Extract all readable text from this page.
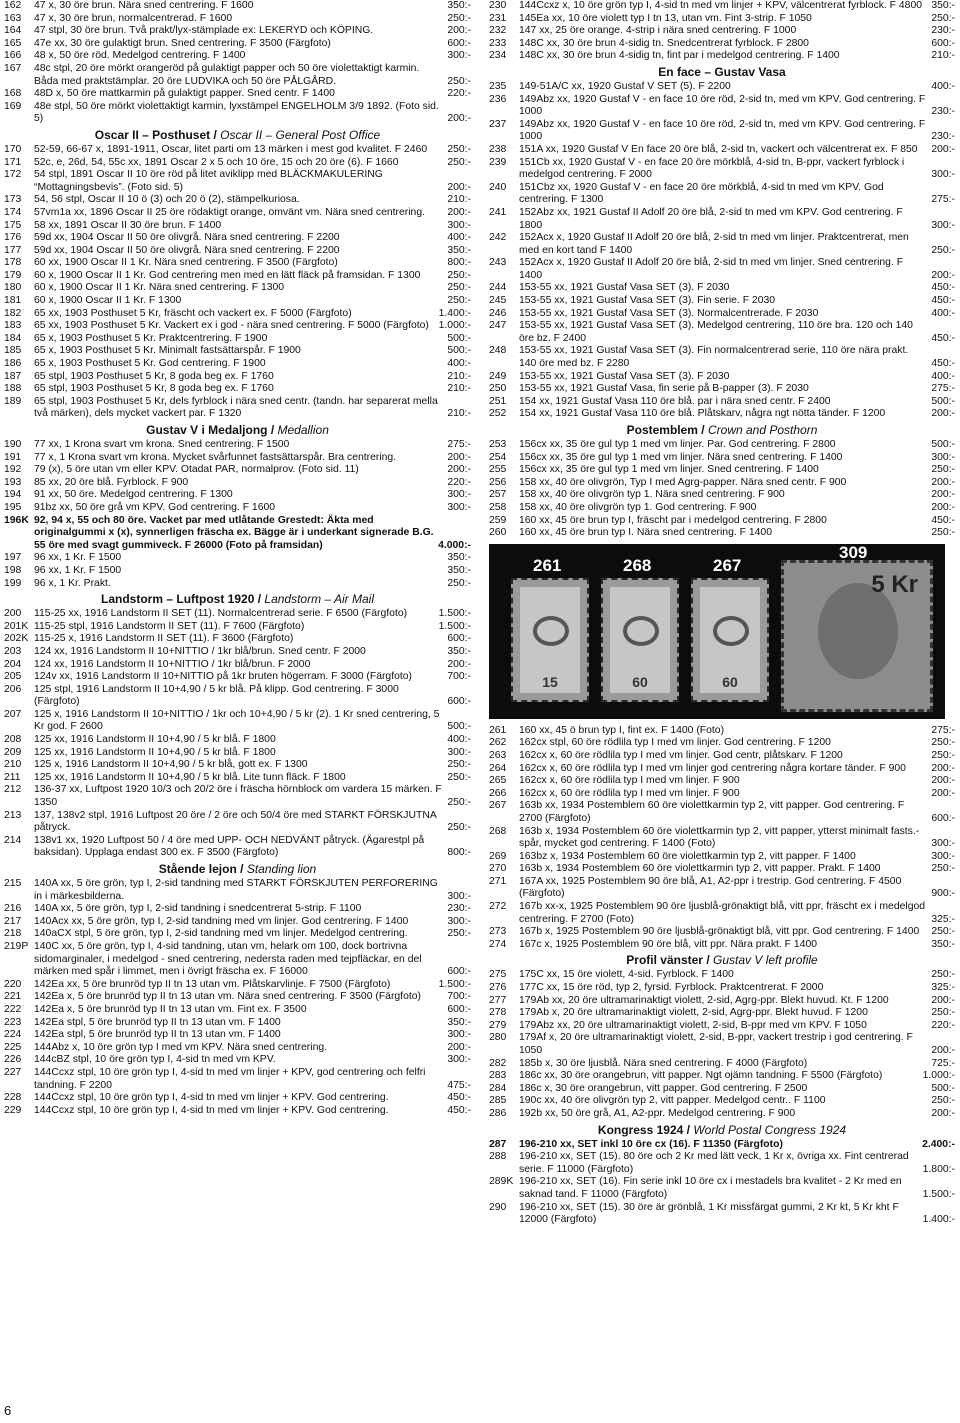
162	47 x, 30 öre brun. Nära sned centrering. F 1600	350:-
163	47 x, 30 öre brun, normalcentrerad. F 1600	250:-
164	47 stpl, 30 öre brun. Två prakt/lyx-stämplade ex: LEKERYD och KÖPING.	200:-
165	47e xx, 30 öre gulaktigt brun. Sned centrering. F 3500 (Färgfoto)	600:-
166	48 x, 50 öre röd. Medelgod centrering. F 1400	300:-
167	48c stpl, 20 öre mörkt orangeröd på gulaktigt papper och 50 öre violettaktigt karmin. Båda med praktstämplar. 20 öre LUDVIKA och 50 öre PÅLGÅRD.	250:-
168	48D x, 50 öre mattkarmin på gulaktigt papper. Sned centr. F 1400	220:-
169	48e stpl, 50 öre mörkt violettaktigt karmin, lyxstämpel ENGELHOLM 3/9 1892. (Foto sid. 5)	200:-
Oscar II – Posthuset / Oscar II – General Post Office
170	52-59, 66-67 x, 1891-1911, Oscar, litet parti om 13 märken i mest god kvalitet. F 2460	250:-
171	52c, e, 26d, 54, 55c xx, 1891 Oscar 2 x 5 och 10 öre, 15 och 20 öre (6). F 1660	250:-
172	54 stpl, 1891 Oscar II 10 öre röd på litet aviklipp med BLÄCKMAKULERING “Mottagningsbevis”. (Foto sid. 5)	200:-
173	54, 56 stpl, Oscar II 10 ö (3) och 20 ö (2), stämpelkuriosa.	210:-
174	57vm1a xx, 1896 Oscar II 25 öre rödaktigt orange, omvänt vm. Nära sned centrering.	200:-
175	58 xx, 1891 Oscar II 30 öre brun. F 1400	300:-
176	59d xx, 1904 Oscar II 50 öre olivgrå. Nära sned centrering. F 2200	400:-
177	59d xx, 1904 Oscar II 50 öre olivgrå. Nära sned centrering. F 2200	350:-
178	60 xx, 1900 Oscar II 1 Kr. Nära sned centrering. F 3500 (Färgfoto)	800:-
179	60 x, 1900 Oscar II 1 Kr. God centrering men med en lätt fläck på framsidan. F 1300	250:-
180	60 x, 1900 Oscar II 1 Kr. Nära sned centrering. F 1300	250:-
181	60 x, 1900 Oscar II 1 Kr. F 1300	250:-
182	65 xx, 1903 Posthuset 5 Kr, fräscht och vackert ex. F 5000 (Färgfoto)	1.400:-
183	65 xx, 1903 Posthuset 5 Kr. Vackert ex i god - nära sned centrering. F 5000 (Färgfoto) 1.000:-
184	65 x, 1903 Posthuset 5 Kr. Praktcentrering. F 1900	500:-
185	65 x, 1903 Posthuset 5 Kr. Minimalt fastsättarspår. F 1900	500:-
186	65 x, 1903 Posthuset 5 Kr. God centrering. F 1900	400:-
187	65 stpl, 1903 Posthuset 5 Kr, 8 goda beg ex. F 1760	210:-
188	65 stpl, 1903 Posthuset 5 Kr, 8 goda beg ex. F 1760	210:-
189	65 stpl, 1903 Posthuset 5 Kr, dels fyrblock i nära sned centr. (tandn. har separerat mella två märken), dels mycket vackert par. F 1320	210:-
Gustav V i Medaljong / Medallion
190	77 xx, 1 Krona svart vm krona. Sned centrering. F 1500	275:-
191	77 x, 1 Krona svart vm krona. Mycket svårfunnet fastsättarspår. Bra centrering.	200:-
192	79 (x), 5 öre utan vm eller KPV. Otadat PAR, normalprov. (Foto sid. 11)	200:-
193	85 xx, 20 öre blå. Fyrblock. F 900	220:-
194	91 xx, 50 öre. Medelgod centrering. F 1300	300:-
195	91bz xx, 50 öre grå vm KPV. God centrering. F 1600	300:-
196K 92, 94 x, 55 och 80 öre. Vacket par med utlåtande Grestedt: Äkta med originalgummi x (x), synnerligen fräscha ex. Bägge är i underkant signerade B.G. 55 öre med svagt gummiveck. F 26000 (Foto på framsidan)	4.000:-
197	96 xx, 1 Kr. F 1500	350:-
198	96 xx, 1 Kr. F 1500	350:-
199	96 x, 1 Kr. Prakt.	250:-
Landstorm – Luftpost 1920 / Landstorm – Air Mail
200	115-25 xx, 1916 Landstorm II SET (11). Normalcentrerad serie. F 6500 (Färgfoto)	1.500:-
201K 115-25 stpl, 1916 Landstorm II SET (11). F 7600 (Färgfoto)	1.500:-
202K 115-25 x, 1916 Landstorm II SET (11). F 3600 (Färgfoto)	600:-
203	124 xx, 1916 Landstorm II 10+NITTIO / 1kr blå/brun. Sned centr. F 2000	350:-
204	124 xx, 1916 Landstorm II 10+NITTIO / 1kr blå/brun. F 2000	200:-
205	124v xx, 1916 Landstorm II 10+NITTIO på 1kr bruten högerram. F 3000 (Färgfoto)	700:-
206	125 stpl, 1916 Landstorm II 10+4,90 / 5 kr blå. På klipp. God centrering. F 3000 (Färgfoto)	600:-
207	125 x, 1916 Landstorm II 10+NITTIO / 1kr och 10+4,90 / 5 kr (2). 1 Kr sned centrering, 5 Kr god. F 2600	500:-
208	125 xx, 1916 Landstorm II 10+4,90 / 5 kr blå. F 1800	400:-
209	125 xx, 1916 Landstorm II 10+4,90 / 5 kr blå. F 1800	300:-
210	125 x, 1916 Landstorm II 10+4,90 / 5 kr blå, gott ex. F 1300	250:-
211	125 xx, 1916 Landstorm II 10+4,90 / 5 kr blå. Lite tunn fläck. F 1800	250:-
212	136-37 xx, Luftpost 1920 10/3 och 20/2 öre i fräscha hörnblock om vardera 15 märken. F 1350	250:-
213	137, 138v2 stpl, 1916 Luftpost 20 öre / 2 öre och 50/4 öre med STARKT FÖRSKJUTNA påtryck.	250:-
214	138v1 xx, 1920 Luftpost 50 / 4 öre med UPP- OCH NEDVÄNT påtryck. (Ägarestpl på baksidan). Upplaga endast 300 ex. F 3500 (Färgfoto)	800:-
Stående lejon / Standing lion
215	140A xx, 5 öre grön, typ I, 2-sid tandning med STARKT FÖRSKJUTEN PERFORERING in i märkesbilderna.	300:-
216	140A xx, 5 öre grön, typ I, 2-sid tandning i snedcentrerat 5-strip. F 1100	230:-
217	140Acx xx, 5 öre grön, typ I, 2-sid tandning med vm linjer. God centrering. F 1400	300:-
218	140aCX stpl, 5 öre grön, typ I, 2-sid tandning med vm linjer. Medelgod centrering.	250:-
219P 140C xx, 5 öre grön, typ I, 4-sid tandning, utan vm, helark om 100, dock bortrivna sidomarginaler, i medelgod - sned centrering, nedersta raden med tejpfläckar, en del märken med spår i limmet, men i övrigt fräscha ex. F 16000	600:-
220	142Ea xx, 5 öre brunröd typ II tn 13 utan vm. Plåtskarvlinje. F 7500 (Färgfoto)	1.500:-
221	142Ea x, 5 öre brunröd typ II tn 13 utan vm. Nära sned centrering. F 3500 (Färgfoto)	700:-
222	142Ea x, 5 öre brunröd typ II tn 13 utan vm. Fint ex. F 3500	600:-
223	142Ea stpl, 5 öre brunröd typ II tn 13 utan vm. F 1400	350:-
224	142Ea stpl, 5 öre brunröd typ II tn 13 utan vm. F 1400	300:-
225	144Abz x, 10 öre grön typ I med vm KPV. Nära sned centrering.	200:-
226	144cBZ stpl, 10 öre grön typ I, 4-sid tn med vm KPV.	300:-
227	144Ccxz stpl, 10 öre grön typ I, 4-sid tn med vm linjer + KPV, god centrering och felfri tandning. F 2200	475:-
228	144Ccxz stpl, 10 öre grön typ I, 4-sid tn med vm linjer + KPV. God centrering.	450:-
229	144Ccxz stpl, 10 öre grön typ I, 4-sid tn med vm linjer + KPV. God centrering.	450:-
230	144Ccxz x, 10 öre grön typ I, 4-sid tn med vm linjer + KPV, välcentrerat fyrblock. F 4800 350:-
231	145Ea xx, 10 öre violett typ I tn 13, utan vm. Fint 3-strip. F 1050	250:-
232	147 xx, 25 öre orange. 4-strip i nära sned centrering. F 1000	230:-
233	148C xx, 30 öre brun 4-sidig tn. Snedcentrerat fyrblock. F 2800	600:-
234	148C xx, 30 öre brun 4-sidig tn, fint par i medelgod centrering. F 1400	210:-
En face – Gustav Vasa
235	149-51A/C xx, 1920 Gustaf V SET (5). F 2200	400:-
236	149Abz xx, 1920 Gustaf V - en face 10 öre röd, 2-sid tn, med vm KPV. God centrering. F 1000	230:-
237	149Abz xx, 1920 Gustaf V - en face 10 öre röd, 2-sid tn, med vm KPV. God centrering. F 1000	230:-
238	151A xx, 1920 Gustaf V En face 20 öre blå, 2-sid tn, vackert och välcentrerat ex. F 850	200:-
239	151Cb xx, 1920 Gustaf V - en face 20 öre mörkblå, 4-sid tn, B-ppr, vackert fyrblock i medelgod centrering. F 2000	300:-
240	151Cbz xx, 1920 Gustaf V - en face 20 öre mörkblå, 4-sid tn med vm KPV. God centrering. F 1300	275:-
241	152Abz xx, 1921 Gustaf II Adolf 20 öre blå, 2-sid tn med vm KPV. God centrering. F 1800	300:-
242	152Acx x, 1920 Gustaf II Adolf 20 öre blå, 2-sid tn med vm linjer. Praktcentrerat, men med en kort tand F 1400	250:-
243	152Acx x, 1920 Gustaf II Adolf 20 öre blå, 2-sid tn med vm linjer. Sned centrering. F 1400	200:-
244	153-55 xx, 1921 Gustaf Vasa SET (3). F 2030	450:-
245	153-55 xx, 1921 Gustaf Vasa SET (3). Fin serie. F 2030	450:-
246	153-55 xx, 1921 Gustaf Vasa SET (3). Normalcentrerade. F 2030	400:-
247	153-55 xx, 1921 Gustaf Vasa SET (3). Medelgod centrering, 110 öre bra. 120 och 140 öre bz. F 2400	450:-
248	153-55 xx, 1921 Gustaf Vasa SET (3). Fin normalcentrerad serie, 110 öre nära prakt. 140 öre med bz. F 2280	450:-
249	153-55 xx, 1921 Gustaf Vasa SET (3). F 2030	400:-
250	153-55 xx, 1921 Gustaf Vasa, fin serie på B-papper (3). F 2030	275:-
251	154 xx, 1921 Gustaf Vasa 110 öre blå. par i nära sned centr. F 2400	500:-
252	154 xx, 1921 Gustaf Vasa 110 öre blå. Plåtskarv, några ngt nötta tänder. F 1200	200:-
Postemblem / Crown and Posthorn
253	156cx xx, 35 öre gul typ 1 med vm linjer. Par. God centrering. F 2800	500:-
254	156cx xx, 35 öre gul typ 1 med vm linjer. Nära sned centrering. F 1400	300:-
255	156cx xx, 35 öre gul typ 1 med vm linjer. Sned centrering. F 1400	250:-
256	158 xx, 40 öre olivgrön, Typ I med Agrg-papper. Nära sned centr. F 900	200:-
257	158 xx, 40 öre olivgrön typ 1. Nära sned centrering. F 900	200:-
258	158 xx, 40 öre olivgrön typ 1. God centrering. F 900	200:-
259	160 xx, 45 öre brun typ I, fräscht par i medelgod centrering. F 2800	450:-
260	160 xx, 45 öre brun typ I. Nära sned centrering. F 1400	250:-
15	60	60
261	268	267
5 Kr
309
261	160 xx, 45 ö brun typ I, fint ex. F 1400 (Foto)	275:-
262	162cx stpl, 60 öre rödlila typ I med vm linjer. God centrering. F 1200	250:-
263	162cx x, 60 öre rödlila typ I med vm linjer. God centr, plåtskarv. F 1200	250:-
264	162cx x, 60 öre rödlila typ I med vm linjer god centrering några kortare tänder. F 900	200:-
265	162cx x, 60 öre rödlila typ I med vm linjer. F 900	200:-
266	162cx x, 60 öre rödlila typ I med vm linjer. F 900	200:-
267	163b xx, 1934 Postemblem 60 öre violettkarmin typ 2, vitt papper. God centrering. F 2700 (Färgfoto)	600:-
268	163b x, 1934 Postemblem 60 öre violettkarmin typ 2, vitt papper, ytterst minimalt fasts.-spår, mycket god centrering. F 1400 (Foto)	300:-
269	163bz x, 1934 Postemblem 60 öre violettkarmin typ 2, vitt papper. F 1400	300:-
270	163b x, 1934 Postemblem 60 öre violettkarmin typ 2, vitt papper. Prakt. F 1400	250:-
271	167A xx, 1925 Postemblem 90 öre blå, A1, A2-ppr i trestrip. God centrering. F 4500 (Färgfoto)	900:-
272	167b xx-x, 1925 Postemblem 90 öre ljusblå-grönaktigt blå, vitt ppr, fräscht ex i medelgod centrering. F 2700 (Foto)	325:-
273	167b x, 1925 Postemblem 90 öre ljusblå-grönaktigt blå, vitt ppr. God centrering. F 1400	250:-
274	167c x, 1925 Postemblem 90 öre blå, vitt ppr. Nära prakt. F 1400	350:-
Profil vänster / Gustav V left profile
275	175C xx, 15 öre violett, 4-sid. Fyrblock. F 1400	250:-
276	177C xx, 15 öre röd, typ 2, fyrsid. Fyrblock. Praktcentrerat. F 2000	325:-
277	179Ab xx, 20 öre ultramarinaktigt violett, 2-sid, Agrg-ppr. Blekt huvud. Kt. F 1200	200:-
278	179Ab x, 20 öre ultramarinaktigt violett, 2-sid, Agrg-ppr. Blekt huvud. F 1200	250:-
279	179Abz xx, 20 öre ultramarinaktigt violett, 2-sid, B-ppr med vm KPV. F 1050	220:-
280	179Af x, 20 öre ultramarinaktigt violett, 2-sid, B-ppr, vackert trestrip i god centrering. F 1050	200:-
282	185b x, 30 öre ljusblå. Nära sned centrering. F 4000 (Färgfoto)	725:-
283	186c xx, 30 öre orangebrun, vitt papper. Ngt ojämn tandning. F 5500 (Färgfoto)	1.000:-
284	186c x, 30 öre orangebrun, vitt papper. God centrering. F 2500	500:-
285	190c xx, 40 öre olivgrön typ 2, vitt papper. Medelgod centr.. F 1100	250:-
286	192b xx, 50 öre grå, A1, A2-ppr. Medelgod centrering. F 900	200:-
Kongress 1924 / World Postal Congress 1924
287	196-210 xx, SET inkl 10 öre cx (16). F 11350 (Färgfoto)	2.400:-
288	196-210 xx, SET (15). 80 öre och 2 Kr med lätt veck, 1 Kr x, övriga xx. Fint centrerad serie. F 11000 (Färgfoto)	1.800:-
289K 196-210 xx, SET (16). Fin serie inkl 10 öre cx i mestadels bra kvalitet - 2 Kr med en saknad tand. F 11000 (Färgfoto)	1.500:-
290	196-210 xx, SET (15). 30 öre är grönblå, 1 Kr missfärgat gummi, 2 Kr kt, 5 Kr kht F 12000 (Färgfoto)	1.400:-
6
